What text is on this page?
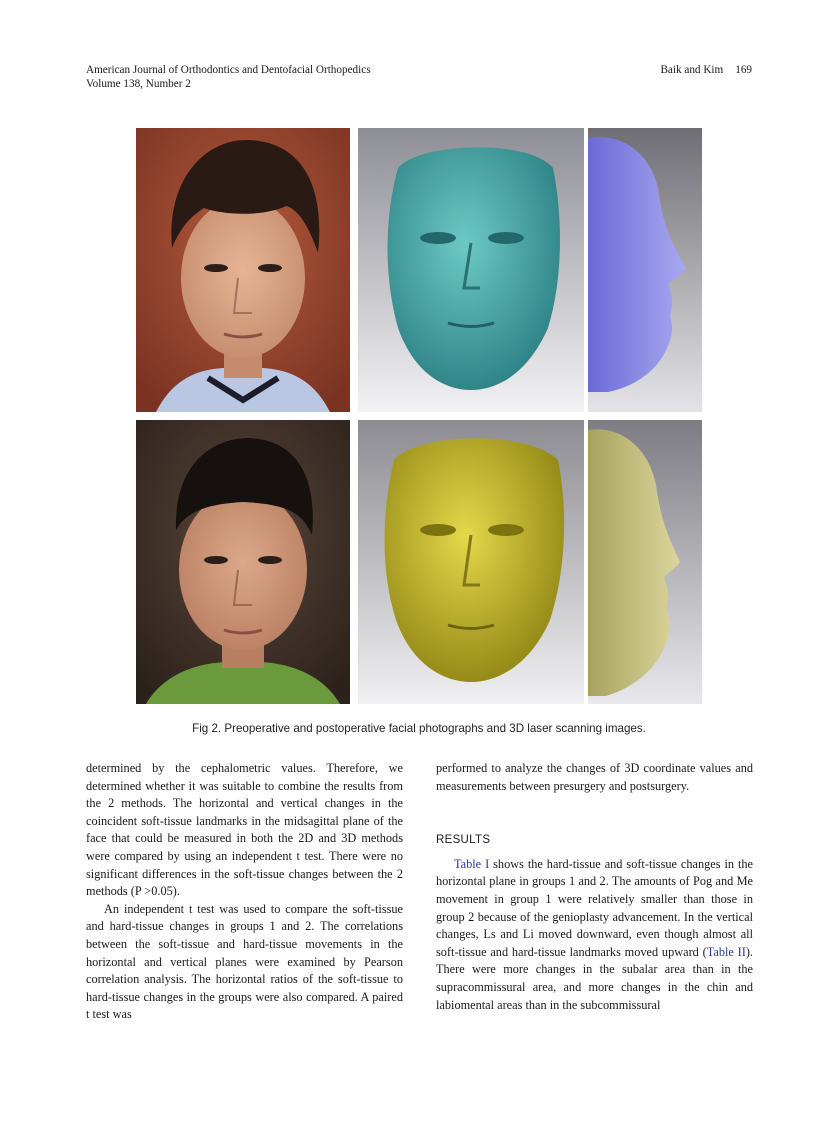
American Journal of Orthodontics and Dentofacial Orthopedics
Volume 138, Number 2
Baik and Kim 169
Fig 2. Preoperative and postoperative facial photographs and 3D laser scanning images.

determined by the cephalometric values. Therefore, we determined whether it was suitable to combine the results from the 2 methods. The horizontal and vertical changes in the coincident soft-tissue landmarks in the midsagittal plane of the face that could be measured in both the 2D and 3D methods were compared by using an independent t test. There were no significant differences in the soft-tissue changes between the 2 methods (P >0.05).

An independent t test was used to compare the soft-tissue and hard-tissue changes in groups 1 and 2. The correlations between the soft-tissue and hard-tissue movements in the horizontal and vertical planes were examined by Pearson correlation analysis. The horizontal ratios of the soft-tissue to hard-tissue changes in the groups were also compared. A paired t test was

performed to analyze the changes of 3D coordinate values and measurements between presurgery and postsurgery.

RESULTS

Table I shows the hard-tissue and soft-tissue changes in the horizontal plane in groups 1 and 2. The amounts of Pog and Me movement in group 1 were relatively smaller than those in group 2 because of the genioplasty advancement. In the vertical changes, Ls and Li moved downward, even though almost all soft-tissue and hard-tissue landmarks moved upward (Table II). There were more changes in the subalar area than in the supracommissural area, and more changes in the chin and labiomental areas than in the subcommissural
